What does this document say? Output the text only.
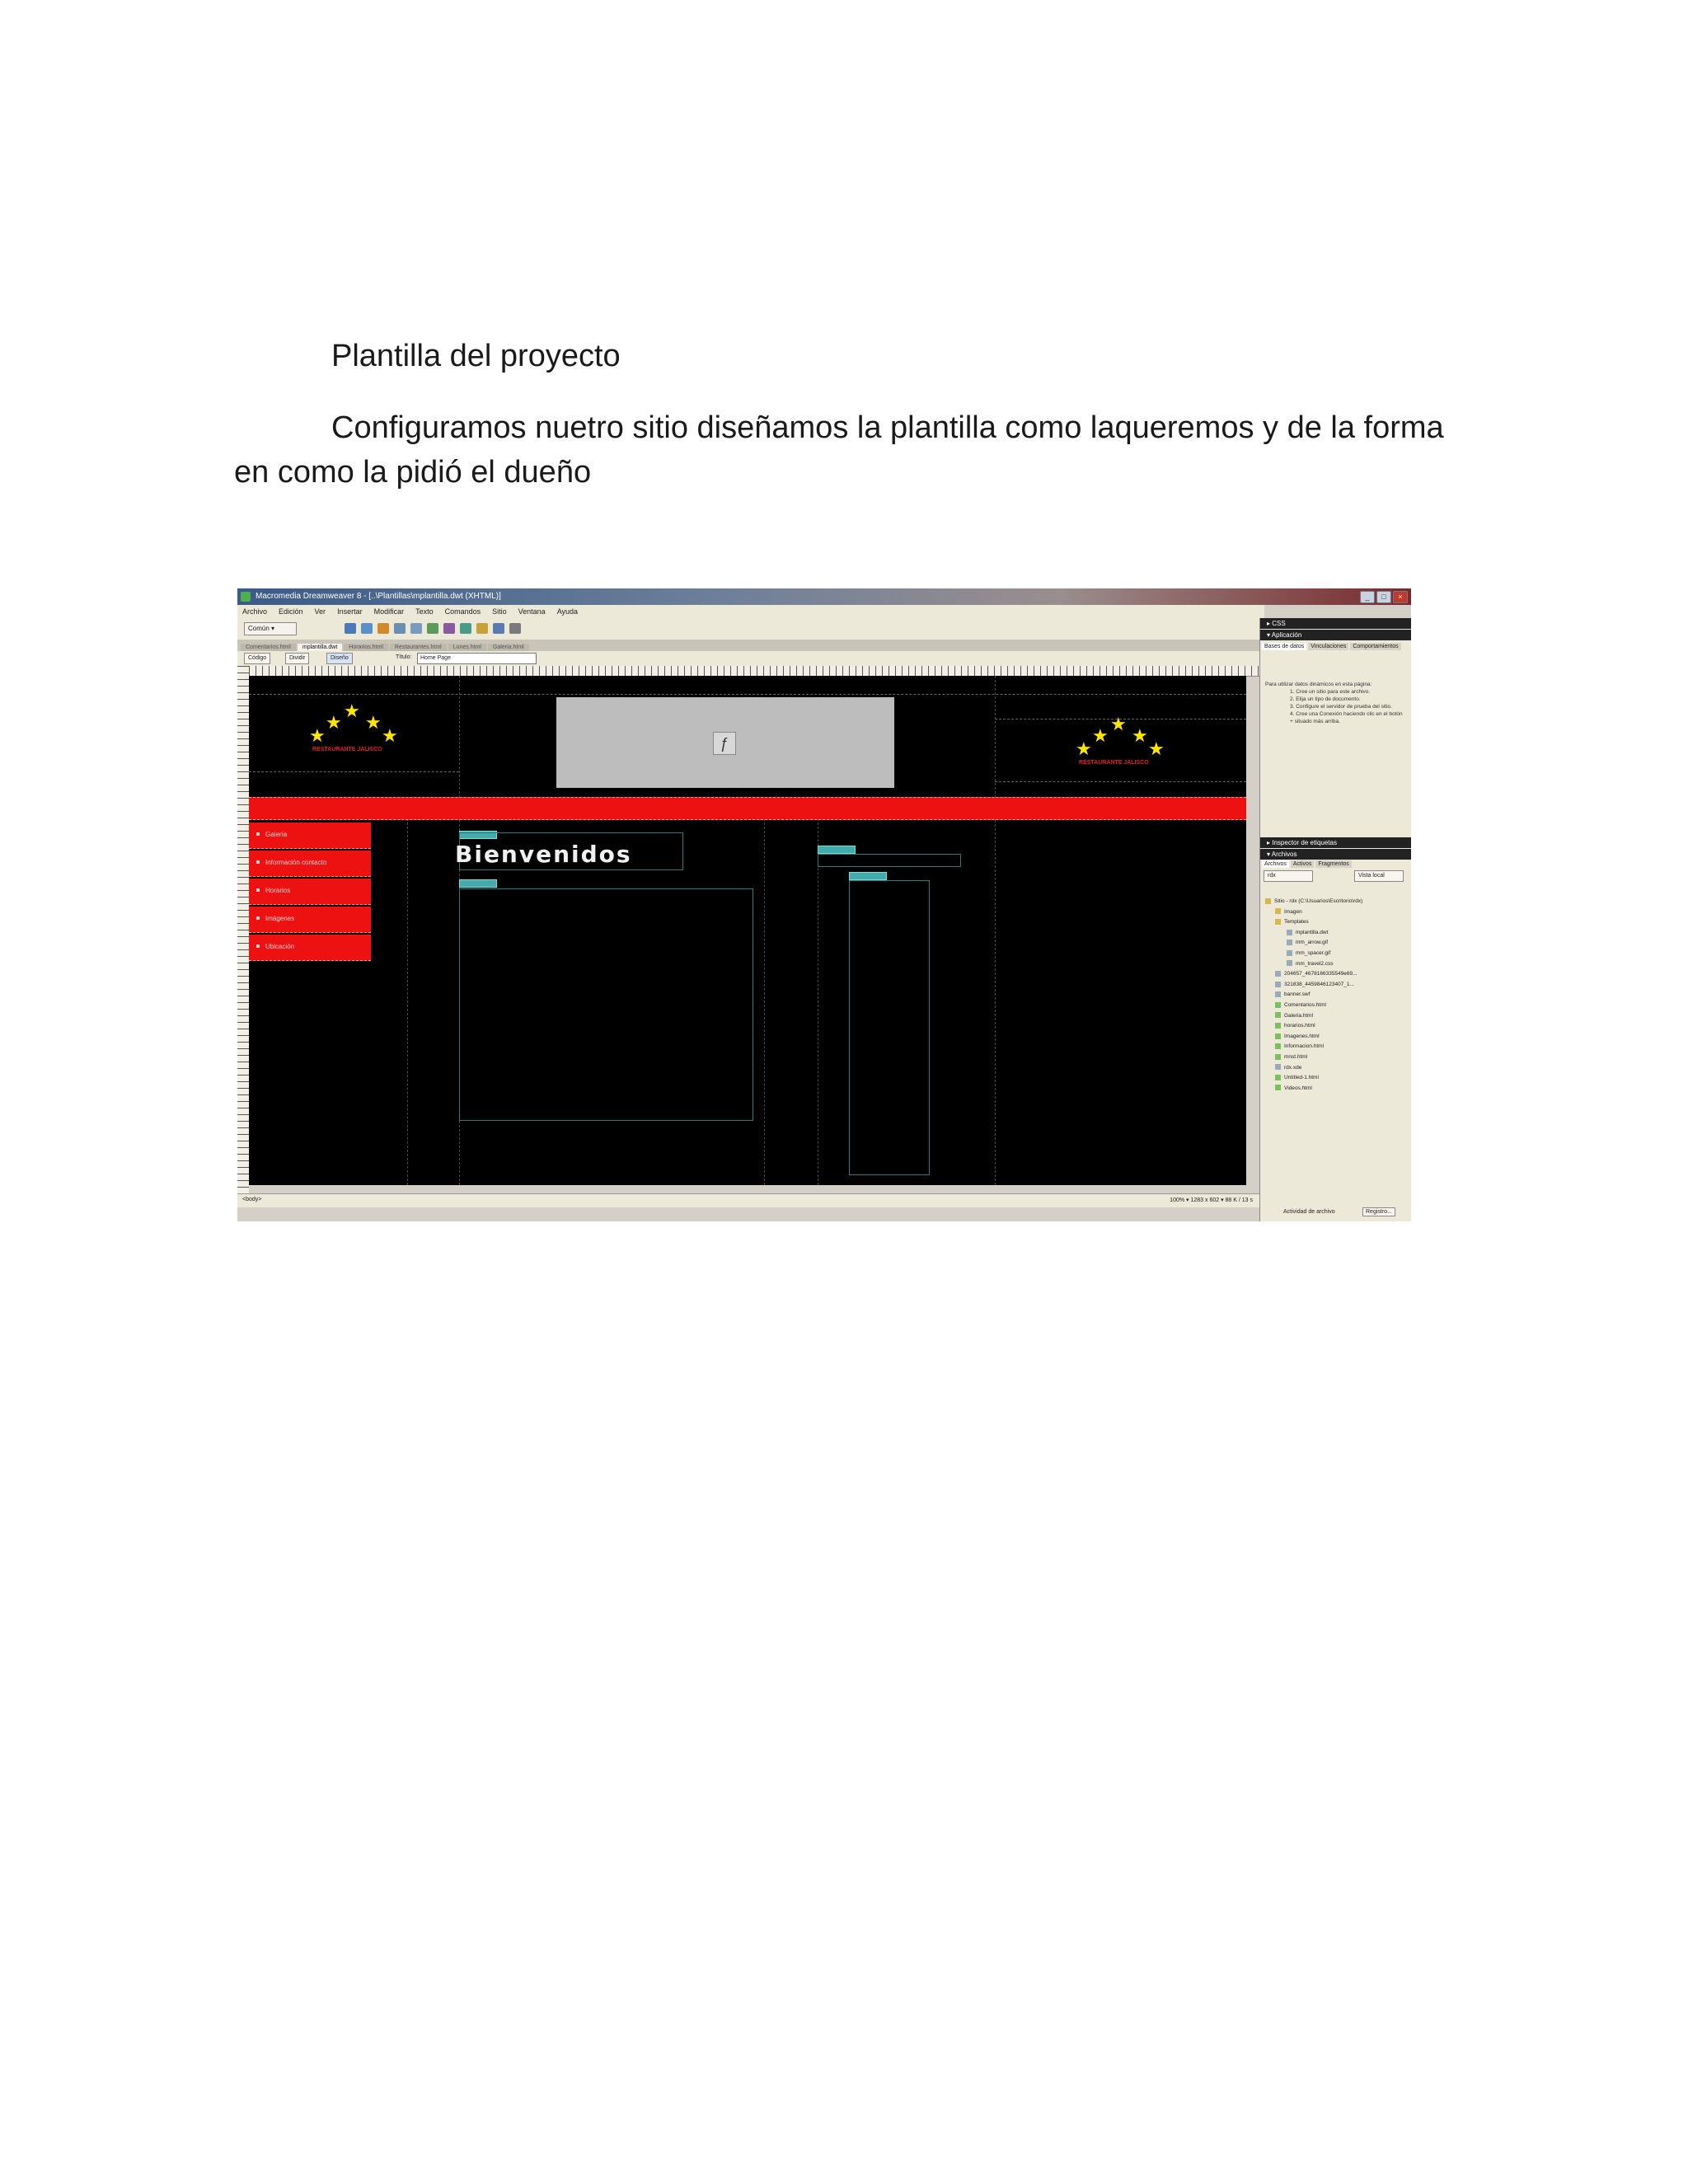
Plantilla del proyecto
Configuramos nuetro sitio diseñamos la plantilla como laqueremos y de la forma en como la pidió el dueño
Macromedia Dreamweaver 8 - [..\Plantillas\mplantilla.dwt (XHTML)]	_	□	×
Archivo Edición Ver Insertar Modificar Texto Comandos Sitio Ventana Ayuda
Común ▾
Comentarios.html	mplantilla.dwt	Horarios.html	Restaurantes.html	Lunes.html	Galeria.html
Código	Dividir	Diseño	Título:	Home Page
★
★ ★
★	★
RESTAURANTE JALISCO	ƒ
★
★ ★
★	★
RESTAURANTE JALISCO
Galería
Información contacto
Horarios
Imágenes
Ubicación
Bienvenidos
<body>	100% ▾ 1283 x 602 ▾ 88 K / 13 s
▸ CSS
▾ Aplicación
Bases de datos	Vinculaciones	Comportamientos
Para utilizar datos dinámicos en esta página:
1. Cree un sitio para este archivo.
2. Elija un tipo de documento.
3. Configure el servidor de prueba del sitio.
4. Cree una Conexión haciendo clic en el botón + situado más arriba.
▸ Inspector de etiquetas
▾ Archivos
Archivos	Activos	Fragmentos
rdx	Vista local
Sitio - rdx (C:\Usuarios\Escritorio\rdx)
Imagen
Templates
mplantilla.dwt
mm_arrow.gif
mm_spacer.gif
mm_travel2.css
204657_4678166335549e69...
321838_4459846123407_1...
banner.swf
Comentarios.html
Galeria.html
horarios.html
Imagenes.html
Informacion.html
mnst.html
rdx.xde
Untitled-1.html
Videos.html
Actividad de archivo	Registro...
